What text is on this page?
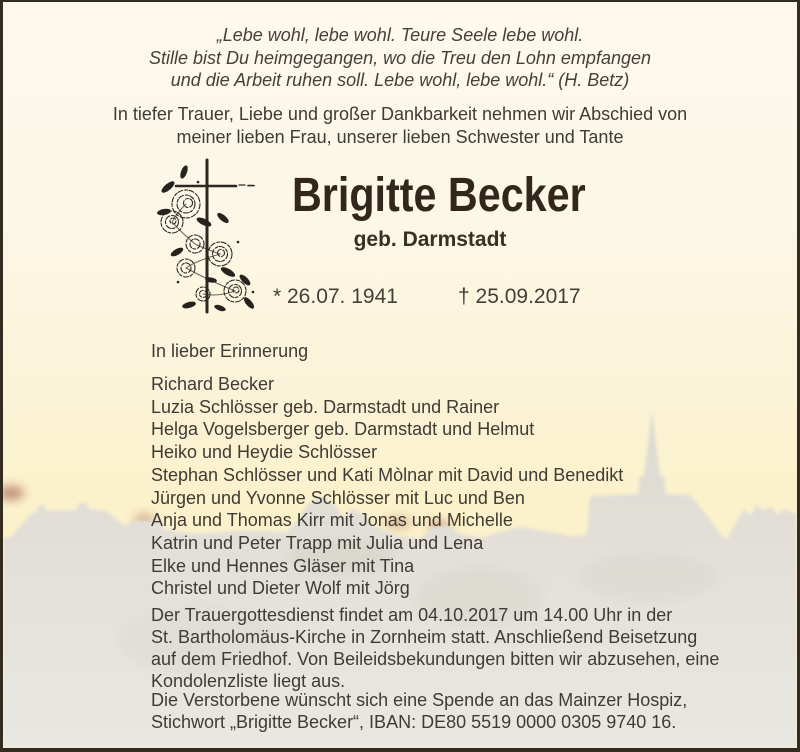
„Lebe wohl, lebe wohl. Teure Seele lebe wohl.
Stille bist Du heimgegangen, wo die Treu den Lohn empfangen
und die Arbeit ruhen soll. Lebe wohl, lebe wohl.“ (H. Betz)
In tiefer Trauer, Liebe und großer Dankbarkeit nehmen wir Abschied von
meiner lieben Frau, unserer lieben Schwester und Tante
Brigitte Becker
geb. Darmstadt
* 26.07. 1941	† 25.09.2017
In lieber Erinnerung
Richard Becker
Luzia Schlösser geb. Darmstadt und Rainer
Helga Vogelsberger geb. Darmstadt und Helmut
Heiko und Heydie Schlösser
Stephan Schlösser und Kati Mòlnar mit David und Benedikt
Jürgen und Yvonne Schlösser mit Luc und Ben
Anja und Thomas Kirr mit Jonas und Michelle
Katrin und Peter Trapp mit Julia und Lena
Elke und Hennes Gläser mit Tina
Christel und Dieter Wolf mit Jörg
Der Trauergottesdienst findet am 04.10.2017 um 14.00 Uhr in der
St. Bartholomäus-Kirche in Zornheim statt. Anschließend Beisetzung
auf dem Friedhof. Von Beileidsbekundungen bitten wir abzusehen, eine
Kondolenzliste liegt aus.
Die Verstorbene wünscht sich eine Spende an das Mainzer Hospiz,
Stichwort „Brigitte Becker“, IBAN: DE80 5519 0000 0305 9740 16.
